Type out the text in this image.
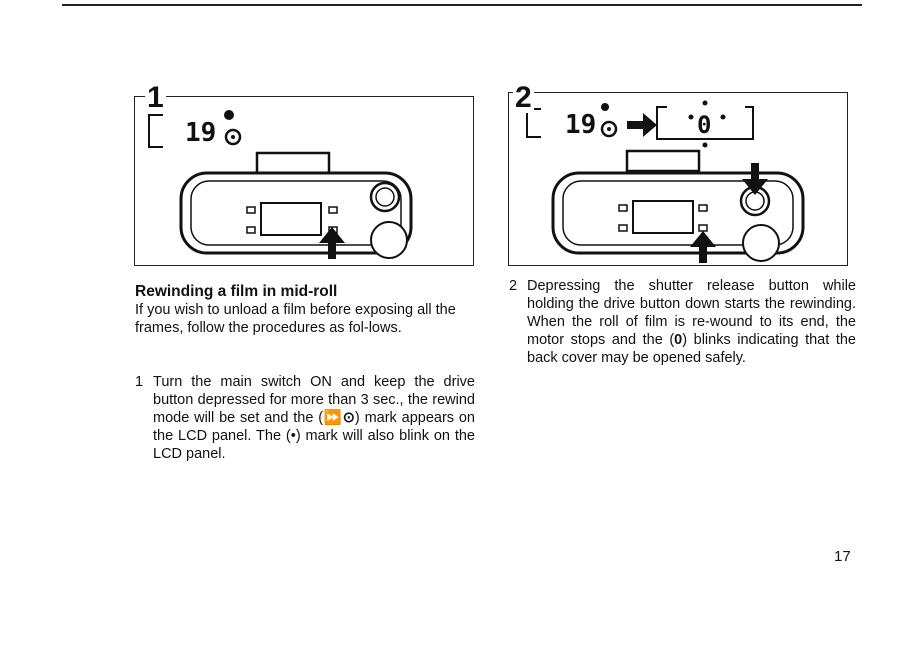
19
1
19	0
2
Rewinding a film in mid-roll

If you wish to unload a film before exposing all the frames, follow the procedures as fol-lows.

1 Turn the main switch ON and keep the drive button depressed for more than 3 sec., the rewind mode will be set and the (⏩⊙) mark appears on the LCD panel. The (•) mark will also blink on the LCD panel.

2 Depressing the shutter release button while holding the drive button down starts the rewinding. When the roll of film is re-wound to its end, the motor stops and the (0) blinks indicating that the back cover may be opened safely.

17
